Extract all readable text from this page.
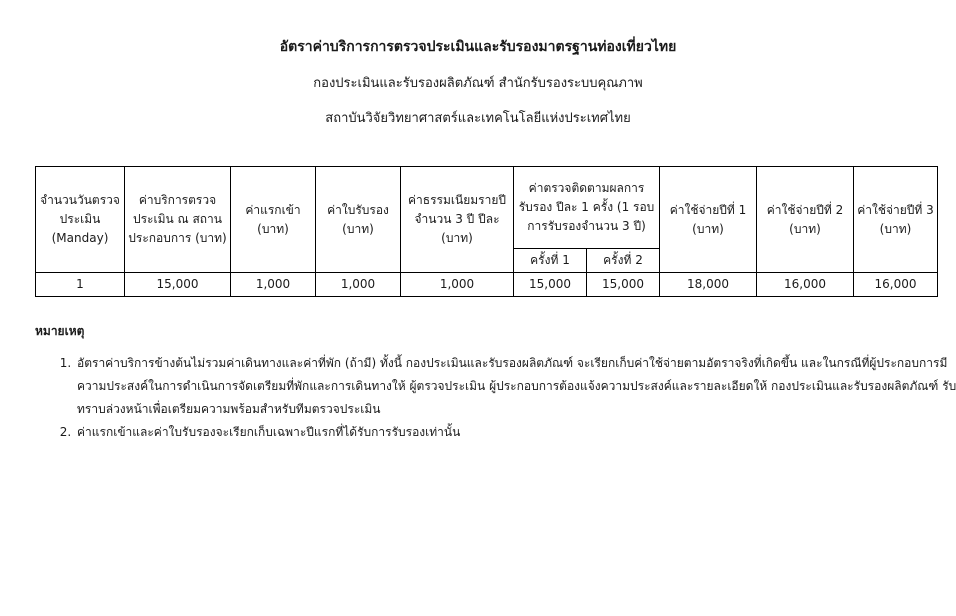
อัตราค่าบริการการตรวจประเมินและรับรองมาตรฐานท่องเที่ยวไทย
กองประเมินและรับรองผลิตภัณฑ์ สำนักรับรองระบบคุณภาพ
สถาบันวิจัยวิทยาศาสตร์และเทคโนโลยีแห่งประเทศไทย
จำนวนวันตรวจประเมิน (Manday)	ค่าบริการตรวจประเมิน ณ สถานประกอบการ (บาท)	ค่าแรกเข้า (บาท)	ค่าใบรับรอง (บาท)	ค่าธรรมเนียมรายปี จำนวน 3 ปี ปีละ (บาท)	ค่าตรวจติดตามผลการรับรอง ปีละ 1 ครั้ง (1 รอบการรับรองจำนวน 3 ปี)		ค่าใช้จ่ายปีที่ 1 (บาท)	ค่าใช้จ่ายปีที่ 2 (บาท)	ค่าใช้จ่ายปีที่ 3 (บาท)
					ครั้งที่ 1	ครั้งที่ 2			
1	15,000	1,000	1,000	1,000	15,000	15,000	18,000	16,000	16,000
หมายเหตุ
1. อัตราค่าบริการข้างต้นไม่รวมค่าเดินทางและค่าที่พัก (ถ้ามี) ทั้งนี้ กองประเมินและรับรองผลิตภัณฑ์ จะเรียกเก็บค่าใช้จ่ายตามอัตราจริงที่เกิดขึ้น และในกรณีที่ผู้ประกอบการมีความประสงค์ในการดำเนินการจัดเตรียมที่พักและการเดินทางให้ ผู้ตรวจประเมิน ผู้ประกอบการต้องแจ้งความประสงค์และรายละเอียดให้ กองประเมินและรับรองผลิตภัณฑ์ รับทราบล่วงหน้าเพื่อเตรียมความพร้อมสำหรับทีมตรวจประเมิน
2. ค่าแรกเข้าและค่าใบรับรองจะเรียกเก็บเฉพาะปีแรกที่ได้รับการรับรองเท่านั้น
